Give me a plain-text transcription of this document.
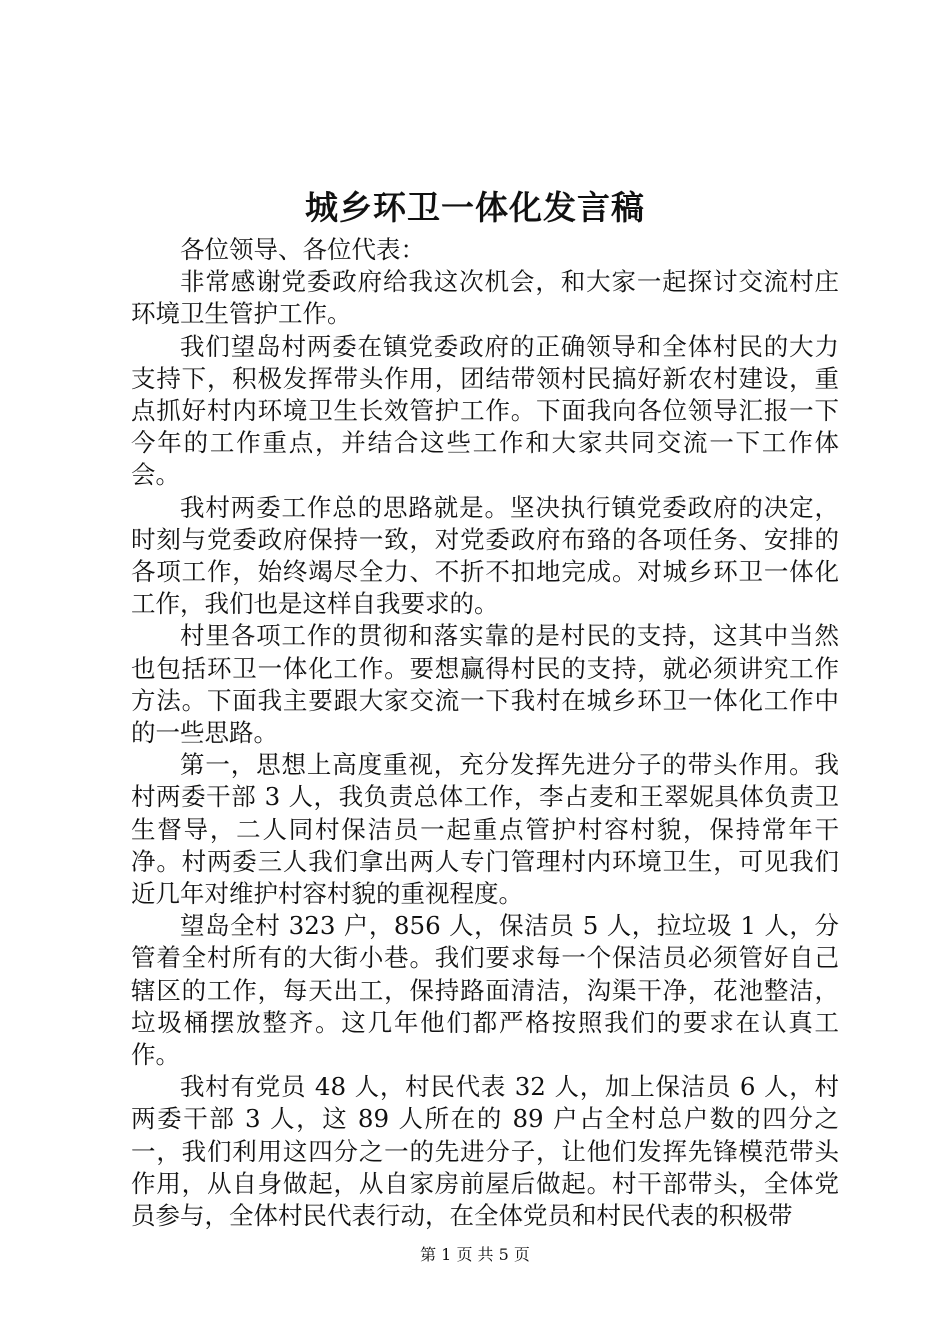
城乡环卫一体化发言稿

各位领导、各位代表：

非常感谢党委政府给我这次机会，和大家一起探讨交流村庄环境卫生管护工作。

我们望岛村两委在镇党委政府的正确领导和全体村民的大力支持下，积极发挥带头作用，团结带领村民搞好新农村建设，重点抓好村内环境卫生长效管护工作。下面我向各位领导汇报一下今年的工作重点，并结合这些工作和大家共同交流一下工作体会。

我村两委工作总的思路就是。坚决执行镇党委政府的决定，时刻与党委政府保持一致，对党委政府布臵的各项任务、安排的各项工作，始终竭尽全力、不折不扣地完成。对城乡环卫一体化工作，我们也是这样自我要求的。

村里各项工作的贯彻和落实靠的是村民的支持，这其中当然也包括环卫一体化工作。要想赢得村民的支持，就必须讲究工作方法。下面我主要跟大家交流一下我村在城乡环卫一体化工作中的一些思路。

第一，思想上高度重视，充分发挥先进分子的带头作用。我村两委干部 3 人，我负责总体工作，李占麦和王翠妮具体负责卫生督导，二人同村保洁员一起重点管护村容村貌，保持常年干净。村两委三人我们拿出两人专门管理村内环境卫生，可见我们近几年对维护村容村貌的重视程度。

望岛全村 323 户，856 人，保洁员 5 人，拉垃圾 1 人，分管着全村所有的大街小巷。我们要求每一个保洁员必须管好自己辖区的工作，每天出工，保持路面清洁，沟渠干净，花池整洁，垃圾桶摆放整齐。这几年他们都严格按照我们的要求在认真工作。

我村有党员 48 人，村民代表 32 人，加上保洁员 6 人，村两委干部 3 人，这 89 人所在的 89 户占全村总户数的四分之一，我们利用这四分之一的先进分子，让他们发挥先锋模范带头作用，从自身做起，从自家房前屋后做起。村干部带头，全体党员参与，全体村民代表行动，在全体党员和村民代表的积极带

第 1 页 共 5 页
